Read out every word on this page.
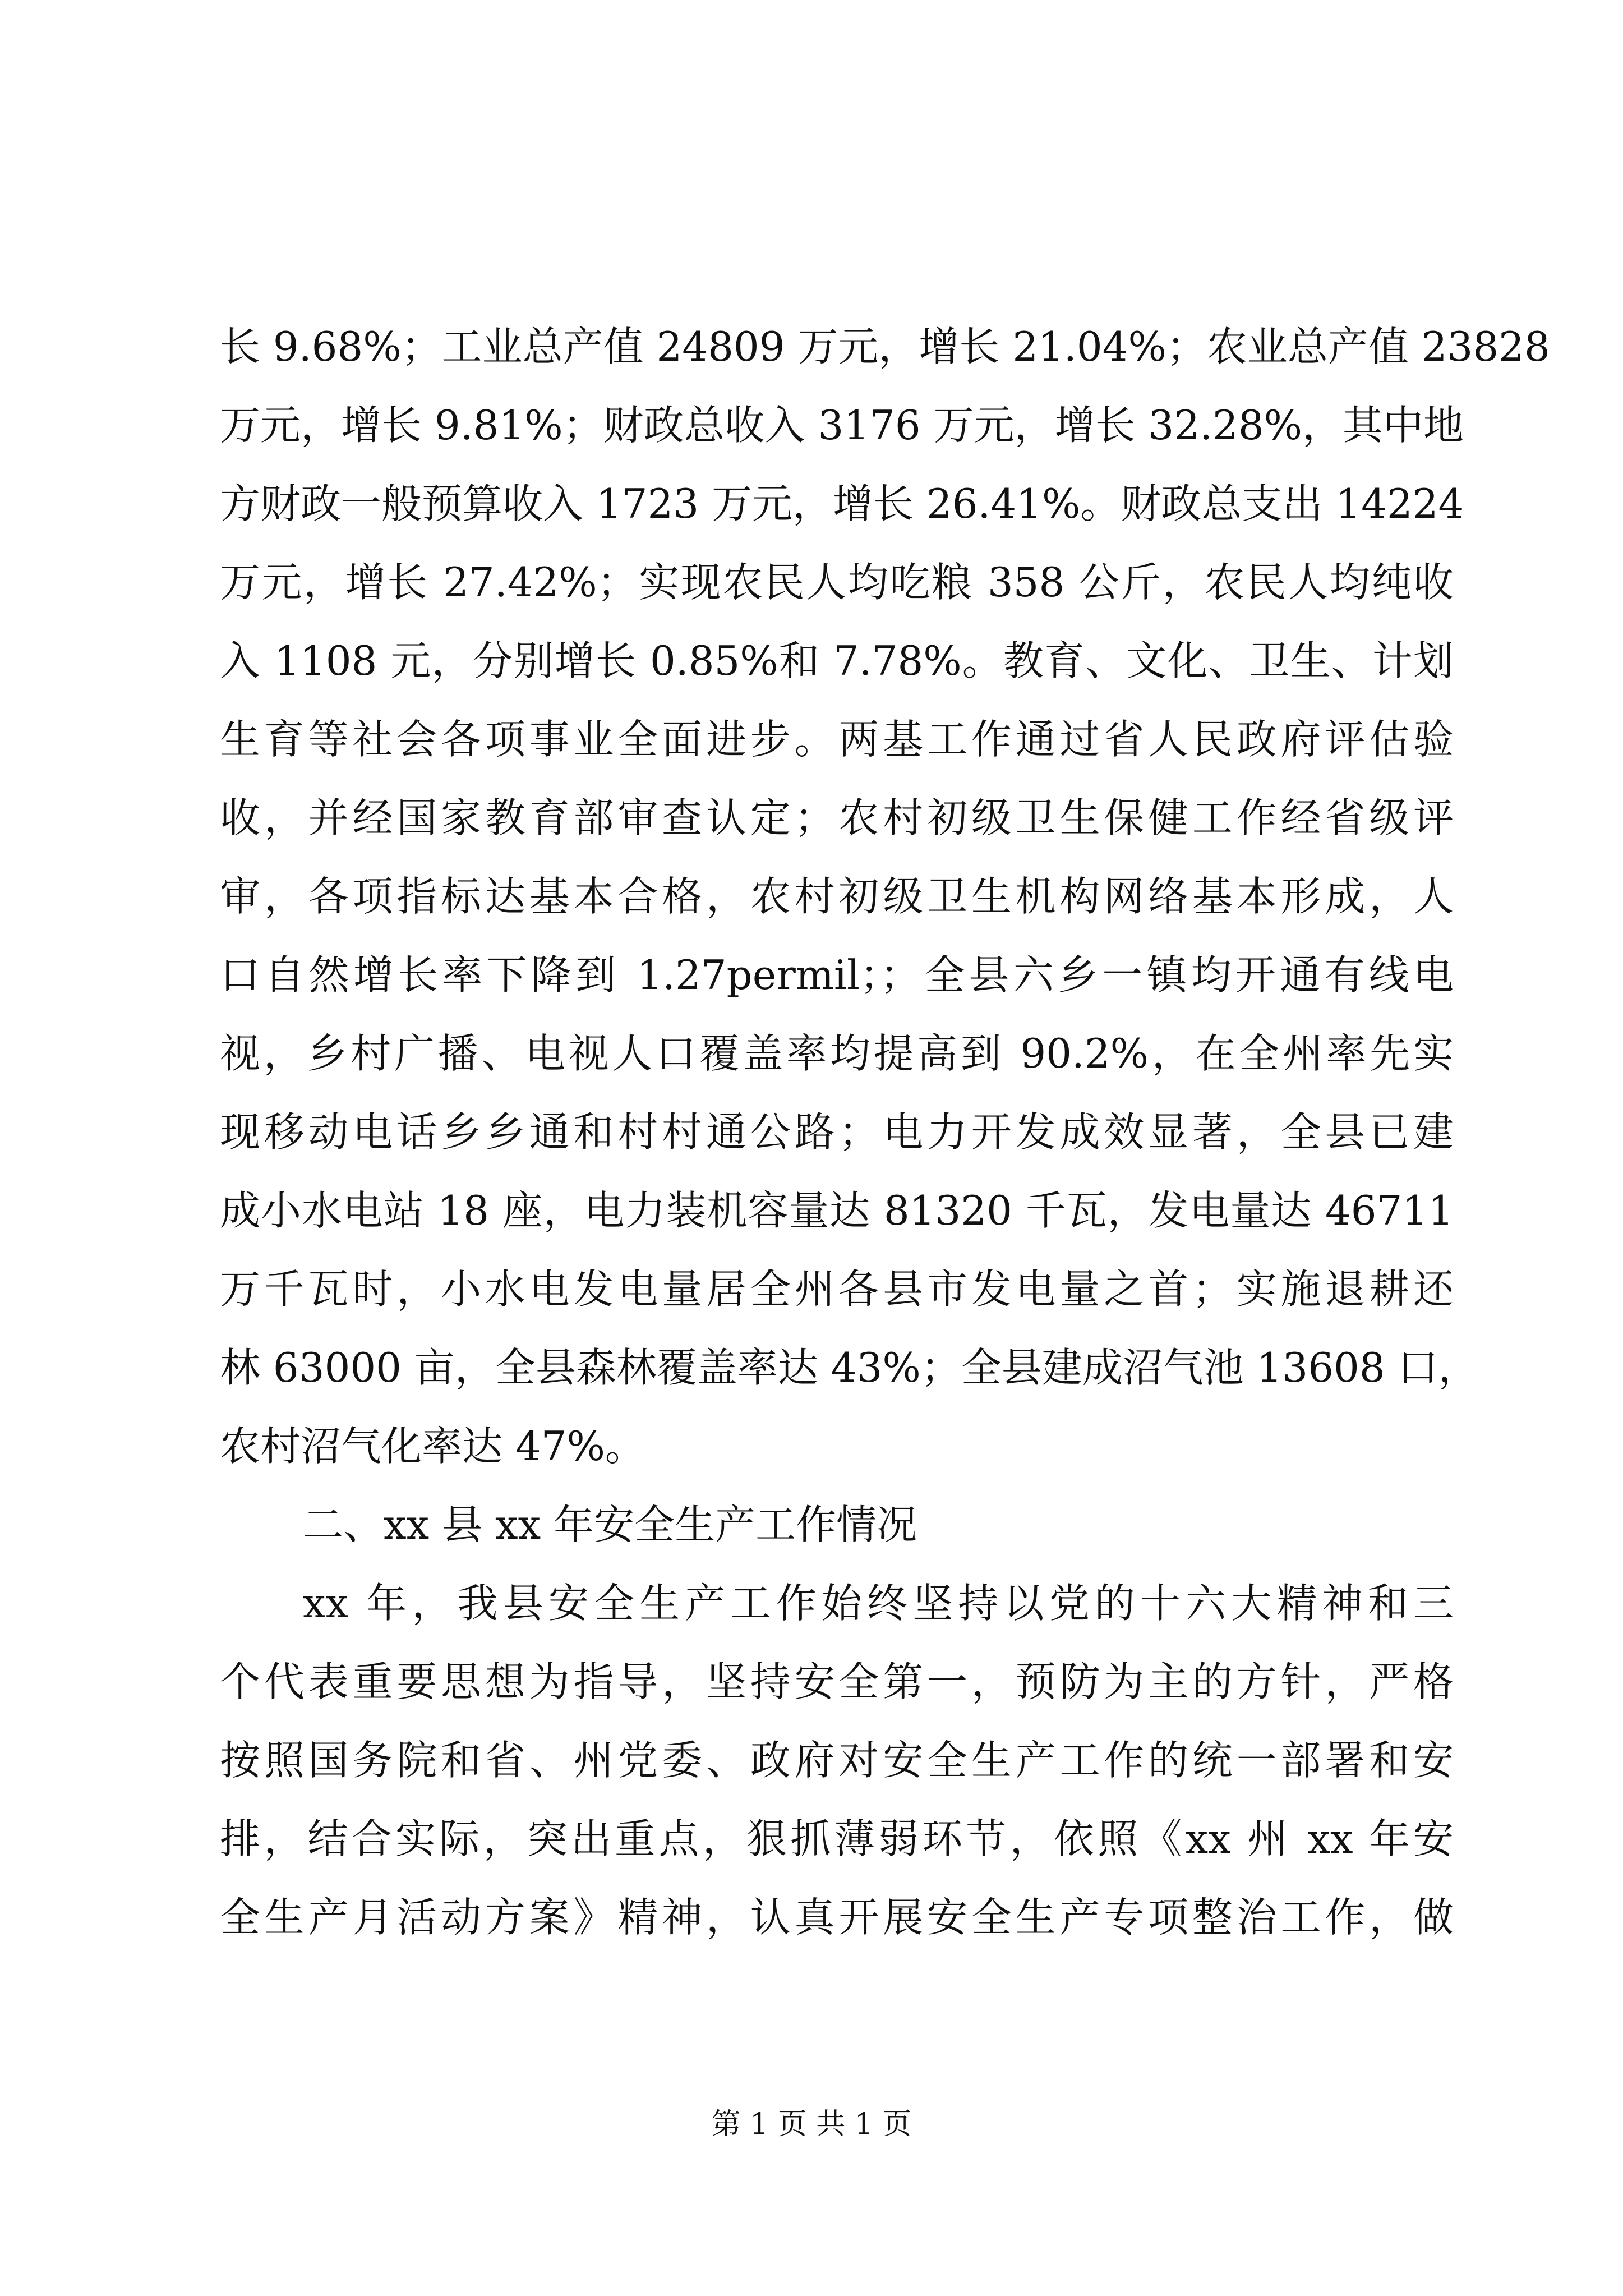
长 9.68%；工业总产值 24809 万元，增长 21.04%；农业总产值 23828
万元，增长 9.81%；财政总收入 3176 万元，增长 32.28%，其中地
方财政一般预算收入 1723 万元，增长 26.41%。财政总支出 14224
万元，增长 27.42%；实现农民人均吃粮 358 公斤，农民人均纯收
入 1108 元，分别增长 0.85%和 7.78%。教育、文化、卫生、计划
生育等社会各项事业全面进步。两基工作通过省人民政府评估验
收，并经国家教育部审查认定；农村初级卫生保健工作经省级评
审，各项指标达基本合格，农村初级卫生机构网络基本形成，人
口自然增长率下降到 1.27permil；；全县六乡一镇均开通有线电
视，乡村广播、电视人口覆盖率均提高到 90.2%，在全州率先实
现移动电话乡乡通和村村通公路；电力开发成效显著，全县已建
成小水电站 18 座，电力装机容量达 81320 千瓦，发电量达 46711
万千瓦时，小水电发电量居全州各县市发电量之首；实施退耕还
林 63000 亩，全县森林覆盖率达 43%；全县建成沼气池 13608 口，
农村沼气化率达 47%。
二、xx 县 xx 年安全生产工作情况
xx 年，我县安全生产工作始终坚持以党的十六大精神和三
个代表重要思想为指导，坚持安全第一，预防为主的方针，严格
按照国务院和省、州党委、政府对安全生产工作的统一部署和安
排，结合实际，突出重点，狠抓薄弱环节，依照《xx 州 xx 年安
全生产月活动方案》精神，认真开展安全生产专项整治工作，做
第 1 页 共 1 页
